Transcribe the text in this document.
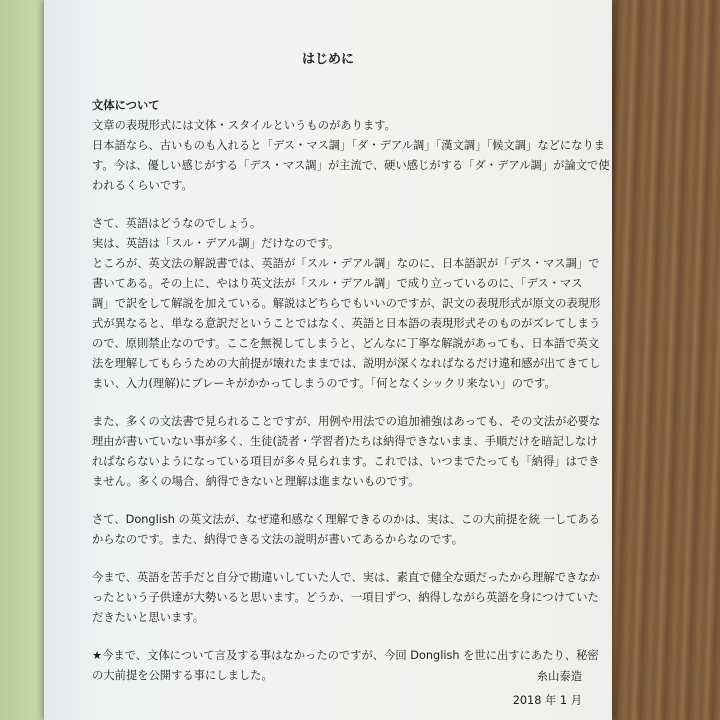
はじめに
文体について
文章の表現形式には文体・スタイルというものがあります。
日本語なら、古いものも入れると「デス・マス調」「ダ・デアル調」「漢文調」「候文調」などになりま
す。今は、優しい感じがする「デス・マス調」が主流で、硬い感じがする「ダ・デアル調」が論文で使
われるくらいです。
さて、英語はどうなのでしょう。
実は、英語は「スル・デアル調」だけなのです。
ところが、英文法の解説書では、英語が「スル・デアル調」なのに、日本語訳が「デス・マス調」で
書いてある。その上に、やはり英文法が「スル・デアル調」で成り立っているのに、「デス・マス
調」で訳をして解説を加えている。解説はどちらでもいいのですが、訳文の表現形式が原文の表現形
式が異なると、単なる意訳だということではなく、英語と日本語の表現形式そのものがズレてしまう
ので、原則禁止なのです。ここを無視してしまうと、どんなに丁寧な解説があっても、日本語で英文
法を理解してもらうための大前提が壊れたままでは、説明が深くなればなるだけ違和感が出てきてし
まい、入力(理解)にブレーキがかかってしまうのです。「何となくシックリ来ない」のです。
また、多くの文法書で見られることですが、用例や用法での追加補強はあっても、その文法が必要な
理由が書いていない事が多く、生徒(読者・学習者)たちは納得できないまま、手順だけを暗記しなけ
ればならないようになっている項目が多々見られます。これでは、いつまでたっても「納得」はでき
ません。多くの場合、納得できないと理解は進まないものです。
さて、Donglish の英文法が、なぜ違和感なく理解できるのかは、実は、この大前提を統 一してある
からなのです。また、納得できる文法の説明が書いてあるからなのです。
今まで、英語を苦手だと自分で勘違いしていた人で、実は、素直で健全な頭だったから理解できなか
ったという子供達が大勢いると思います。どうか、一項目ずつ、納得しながら英語を身につけていた
だきたいと思います。
★今まで、文体について言及する事はなかったのですが、今回 Donglish を世に出すにあたり、秘密
の大前提を公開する事にしました。	糸山泰造
2018 年 1 月
